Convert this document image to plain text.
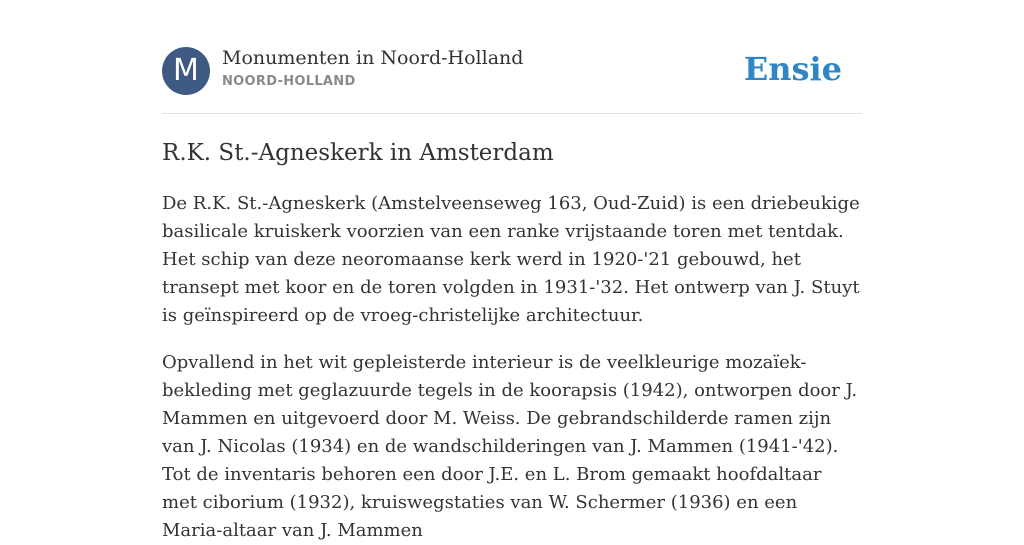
M	Monumenten in Noord-Holland
NOORD-HOLLAND	Ensie
R.K. St.-Agneskerk in Amsterdam

De R.K. St.-Agneskerk (Amstelveenseweg 163, Oud-Zuid) is een driebeukige basilicale kruiskerk voorzien van een ranke vrijstaande toren met tentdak. Het schip van deze neoromaanse kerk werd in 1920-'21 gebouwd, het transept met koor en de toren volgden in 1931-'32. Het ontwerp van J. Stuyt is geïnspireerd op de vroeg-christelijke architectuur.

Opvallend in het wit gepleisterde interieur is de veelkleurige mozaïek-bekleding met geglazuurde tegels in de koorapsis (1942), ontworpen door J. Mammen en uitgevoerd door M. Weiss. De gebrandschilderde ramen zijn van J. Nicolas (1934) en de wandschilderingen van J. Mammen (1941-'42). Tot de inventaris behoren een door J.E. en L. Brom gemaakt hoofdaltaar met ciborium (1932), kruiswegstaties van W. Schermer (1936) en een Maria-altaar van J. Mammen
